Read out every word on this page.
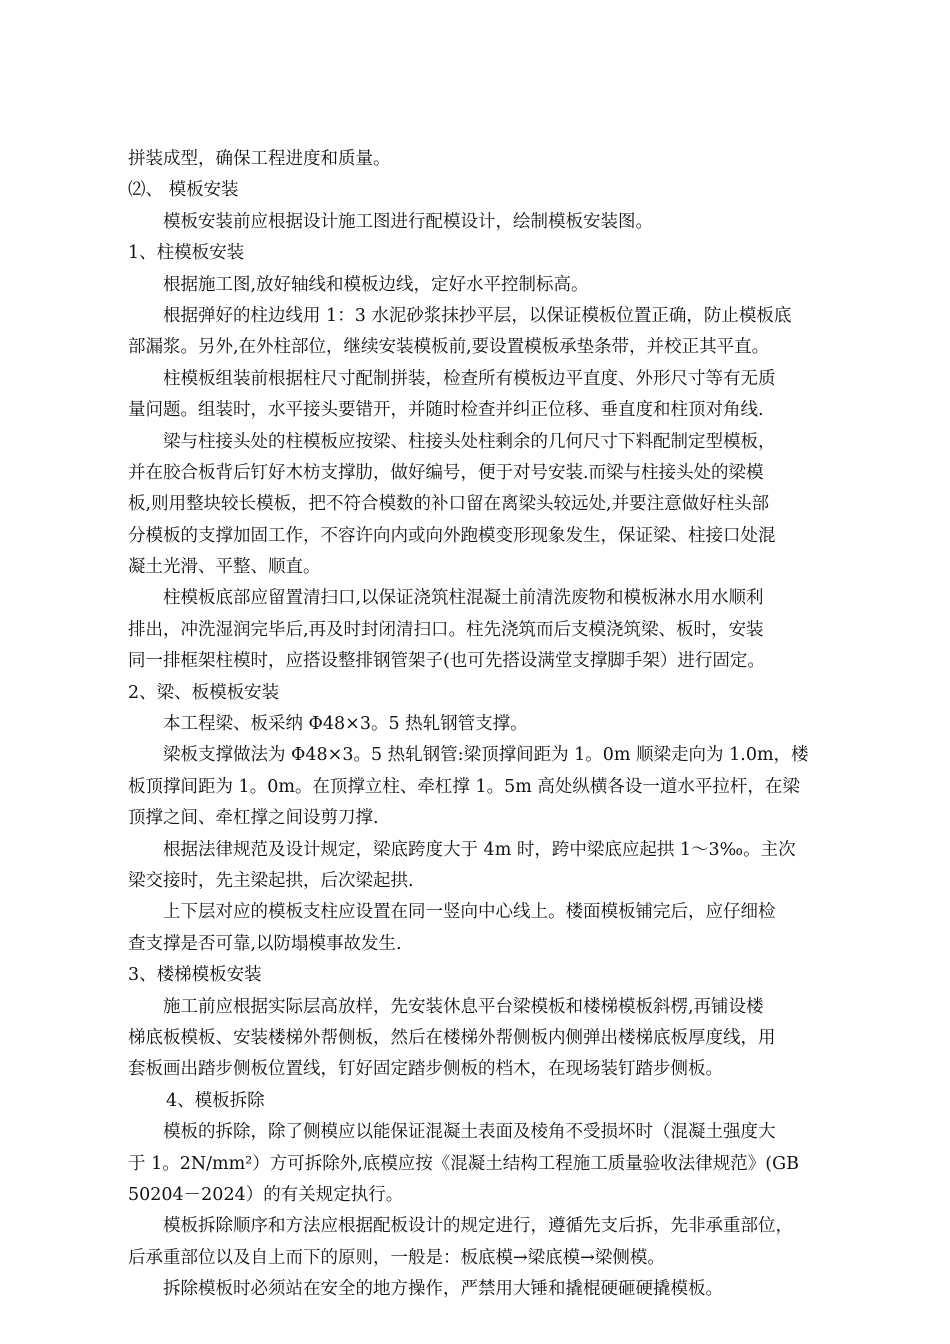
拼装成型，确保工程进度和质量。
⑵、 模板安装
模板安装前应根据设计施工图进行配模设计，绘制模板安装图。
1、柱模板安装
根据施工图,放好轴线和模板边线，定好水平控制标高。
根据弹好的柱边线用 1：3 水泥砂浆抹抄平层，以保证模板位置正确，防止模板底
部漏浆。另外,在外柱部位，继续安装模板前,要设置模板承垫条带，并校正其平直。
柱模板组装前根据柱尺寸配制拼装，检查所有模板边平直度、外形尺寸等有无质
量问题。组装时，水平接头要错开，并随时检查并纠正位移、垂直度和柱顶对角线.
梁与柱接头处的柱模板应按梁、柱接头处柱剩余的几何尺寸下料配制定型模板，
并在胶合板背后钉好木枋支撑肋，做好编号，便于对号安装.而梁与柱接头处的梁模
板,则用整块较长模板，把不符合模数的补口留在离梁头较远处,并要注意做好柱头部
分模板的支撑加固工作，不容许向内或向外跑模变形现象发生，保证梁、柱接口处混
凝土光滑、平整、顺直。
柱模板底部应留置清扫口,以保证浇筑柱混凝土前清洗废物和模板淋水用水顺利
排出，冲洗湿润完毕后,再及时封闭清扫口。柱先浇筑而后支模浇筑梁、板时，安装
同一排框架柱模时，应搭设整排钢管架子(也可先搭设满堂支撑脚手架）进行固定。
2、梁、板模板安装
本工程梁、板采纳 Φ48×3。5 热轧钢管支撑。
梁板支撑做法为 Φ48×3。5 热轧钢管:梁顶撑间距为 1。0m 顺梁走向为 1.0m，楼
板顶撑间距为 1。0m。在顶撑立柱、牵杠撑 1。5m 高处纵横各设一道水平拉杆，在梁
顶撑之间、牵杠撑之间设剪刀撑.
根据法律规范及设计规定，梁底跨度大于 4m 时，跨中梁底应起拱 1～3‰。主次
梁交接时，先主梁起拱，后次梁起拱.
上下层对应的模板支柱应设置在同一竖向中心线上。楼面模板铺完后，应仔细检
查支撑是否可靠,以防塌模事故发生.
3、楼梯模板安装
施工前应根据实际层高放样，先安装休息平台梁模板和楼梯模板斜楞,再铺设楼
梯底板模板、安装楼梯外帮侧板，然后在楼梯外帮侧板内侧弹出楼梯底板厚度线，用
套板画出踏步侧板位置线，钉好固定踏步侧板的档木，在现场装钉踏步侧板。
4、模板拆除
模板的拆除，除了侧模应以能保证混凝土表面及棱角不受损坏时（混凝土强度大
于 1。2N/mm²）方可拆除外,底模应按《混凝土结构工程施工质量验收法律规范》(GB
50204－2024）的有关规定执行。
模板拆除顺序和方法应根据配板设计的规定进行，遵循先支后拆，先非承重部位，
后承重部位以及自上而下的原则，一般是：板底模→梁底模→梁侧模。
拆除模板时必须站在安全的地方操作，严禁用大锤和撬棍硬砸硬撬模板。
